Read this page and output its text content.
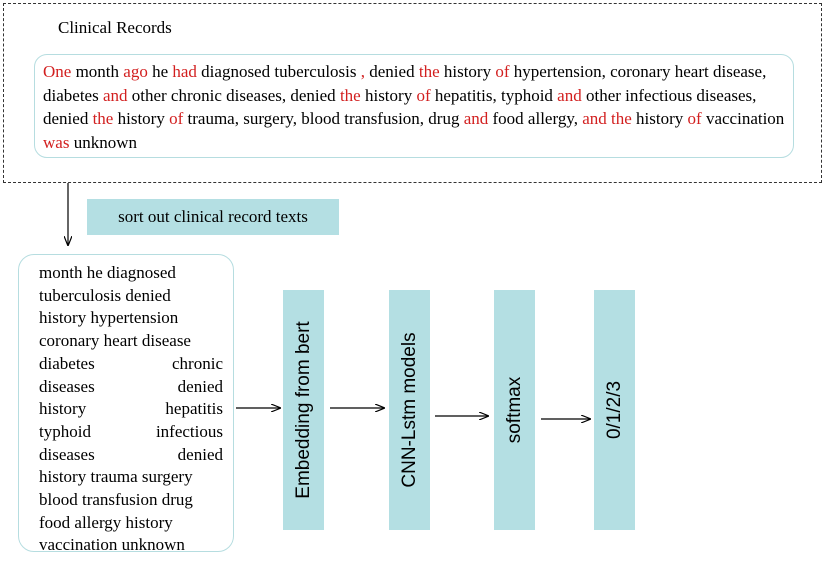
Clinical Records
One month ago he had diagnosed tuberculosis , denied the history of hypertension, coronary heart disease, diabetes and other chronic diseases, denied the history of hepatitis, typhoid and other infectious diseases, denied the history of trauma, surgery, blood transfusion, drug and food allergy, and the history of vaccination was unknown
sort out clinical record texts
month he diagnosed
tuberculosis denied
history hypertension
coronary heart disease
diabetes chronic
diseases denied
history hepatitis
typhoid infectious
diseases denied
history trauma surgery
blood transfusion drug
food allergy history
vaccination unknown
Embedding from bert	CNN-Lstm models	softmax	0/1/2/3
